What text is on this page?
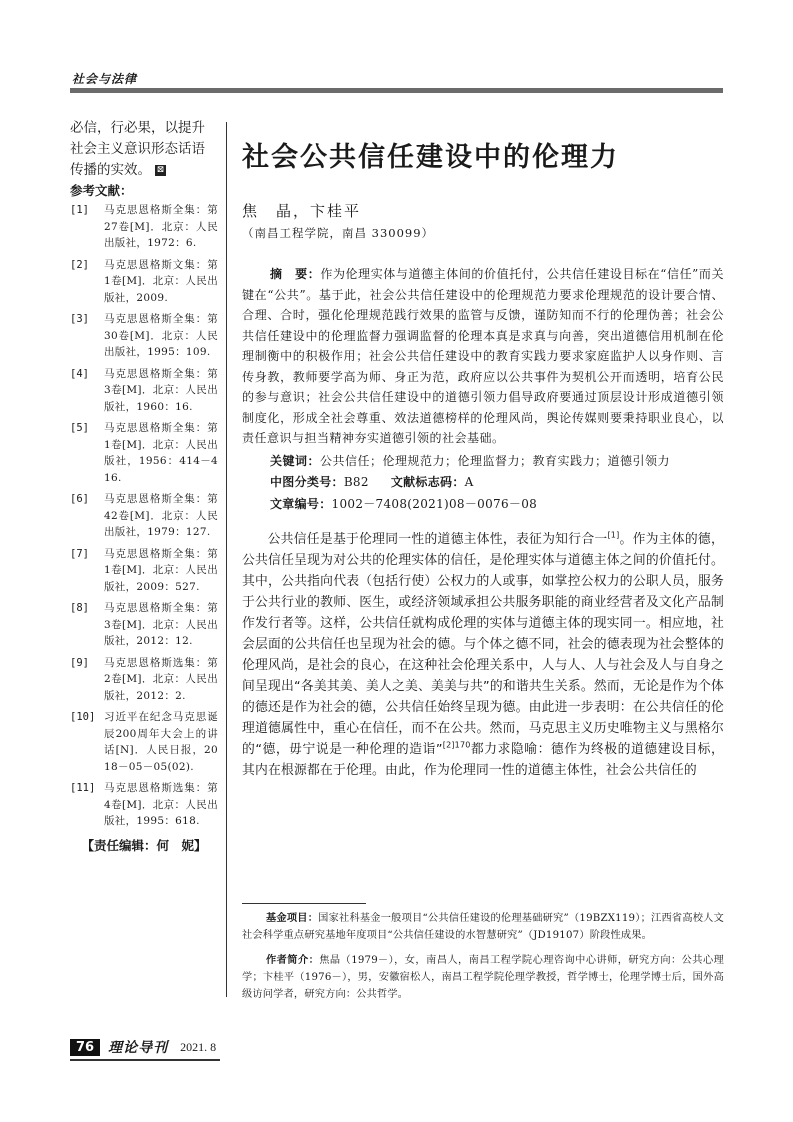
社会与法律
必信，行必果，以提升社会主义意识形态话语传播的实效。 ⊠
参考文献：
[1]	马克思恩格斯全集：第27卷[M]．北京：人民出版社，1972：6.
[2]	马克思恩格斯文集：第1卷[M]．北京：人民出版社，2009.
[3]	马克思恩格斯全集：第30卷[M]．北京：人民出版社，1995：109.
[4]	马克思恩格斯全集：第3卷[M]．北京：人民出版社，1960：16.
[5]	马克思恩格斯全集：第1卷[M]．北京：人民出版社，1956：414－416.
[6]	马克思恩格斯全集：第42卷[M]．北京：人民出版社，1979：127.
[7]	马克思恩格斯全集：第1卷[M]．北京：人民出版社，2009：527.
[8]	马克思恩格斯全集：第3卷[M]．北京：人民出版社，2012：12.
[9]	马克思恩格斯选集：第2卷[M]．北京：人民出版社，2012：2.
[10] 习近平在纪念马克思诞辰200周年大会上的讲话[N]．人民日报，2018－05－05(02).
[11] 马克思恩格斯选集：第4卷[M]．北京：人民出版社，1995：618.
【责任编辑：何　妮】
社会公共信任建设中的伦理力
焦　晶，卞桂平
（南昌工程学院，南昌 330099）

摘　要：作为伦理实体与道德主体间的价值托付，公共信任建设目标在“信任”而关键在“公共”。基于此，社会公共信任建设中的伦理规范力要求伦理规范的设计要合情、合理、合时，强化伦理规范践行效果的监管与反馈，谨防知而不行的伦理伪善；社会公共信任建设中的伦理监督力强调监督的伦理本真是求真与向善，突出道德信用机制在伦理制衡中的积极作用；社会公共信任建设中的教育实践力要求家庭监护人以身作则、言传身教，教师要学高为师、身正为范，政府应以公共事件为契机公开而透明，培育公民的参与意识；社会公共信任建设中的道德引领力倡导政府要通过顶层设计形成道德引领制度化，形成全社会尊重、效法道德榜样的伦理风尚，舆论传媒则要秉持职业良心，以责任意识与担当精神夯实道德引领的社会基础。

关键词：公共信任；伦理规范力；伦理监督力；教育实践力；道德引领力

中图分类号：B82 文献标志码：A
文章编号：1002－7408(2021)08－0076－08

公共信任是基于伦理同一性的道德主体性，表征为知行合一[1]。作为主体的德，公共信任呈现为对公共的伦理实体的信任，是伦理实体与道德主体之间的价值托付。其中，公共指向代表（包括行使）公权力的人或事，如掌控公权力的公职人员，服务于公共行业的教师、医生，或经济领域承担公共服务职能的商业经营者及文化产品制作发行者等。这样，公共信任就构成伦理的实体与道德主体的现实同一。相应地，社会层面的公共信任也呈现为社会的德。与个体之德不同，社会的德表现为社会整体的伦理风尚，是社会的良心，在这种社会伦理关系中，人与人、人与社会及人与自身之间呈现出“各美其美、美人之美、美美与共”的和谐共生关系。然而，无论是作为个体的德还是作为社会的德，公共信任始终呈现为德。由此进一步表明：在公共信任的伦理道德属性中，重心在信任，而不在公共。然而，马克思主义历史唯物主义与黑格尔的“德，毋宁说是一种伦理的造诣”$^{[2]170}$都力求隐喻：德作为终极的道德建设目标，其内在根源都在于伦理。由此，作为伦理同一性的道德主体性，社会公共信任的

基金项目：国家社科基金一般项目“公共信任建设的伦理基础研究”（19BZX119）；江西省高校人文社会科学重点研究基地年度项目“公共信任建设的水智慧研究”（JD19107）阶段性成果。

作者简介：焦晶（1979－），女，南昌人，南昌工程学院心理咨询中心讲师，研究方向：公共心理学；卞桂平（1976－），男，安徽宿松人，南昌工程学院伦理学教授，哲学博士，伦理学博士后，国外高级访问学者，研究方向：公共哲学。

76	理论导刊 2021. 8
